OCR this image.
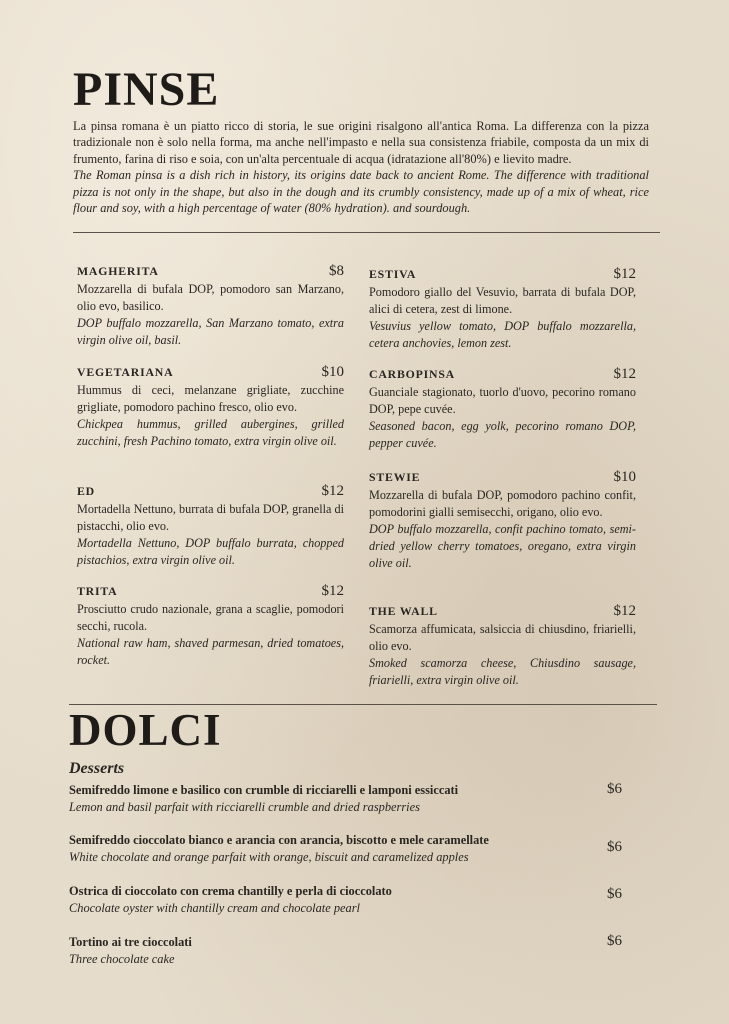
PINSE

La pinsa romana è un piatto ricco di storia, le sue origini risalgono all'antica Roma. La differenza con la pizza tradizionale non è solo nella forma, ma anche nell'impasto e nella sua consistenza friabile, composta da un mix di frumento, farina di riso e soia, con un'alta percentuale di acqua (idratazione all'80%) e lievito madre.

The Roman pinsa is a dish rich in history, its origins date back to ancient Rome. The difference with traditional pizza is not only in the shape, but also in the dough and its crumbly consistency, made up of a mix of wheat, rice flour and soy, with a high percentage of water (80% hydration). and sourdough.

MAGHERITA	$8
Mozzarella di bufala DOP, pomodoro san Marzano, olio evo, basilico.
DOP buffalo mozzarella, San Marzano tomato, extra virgin olive oil, basil.
VEGETARIANA	$10
Hummus di ceci, melanzane grigliate, zucchine grigliate, pomodoro pachino fresco, olio evo.
Chickpea hummus, grilled aubergines, grilled zucchini, fresh Pachino tomato, extra virgin olive oil.
ED	$12
Mortadella Nettuno, burrata di bufala DOP, granella di pistacchi, olio evo.
Mortadella Nettuno, DOP buffalo burrata, chopped pistachios, extra virgin olive oil.
TRITA	$12
Prosciutto crudo nazionale, grana a scaglie, pomodori secchi, rucola.
National raw ham, shaved parmesan, dried tomatoes, rocket.
ESTIVA	$12
Pomodoro giallo del Vesuvio, barrata di bufala DOP, alici di cetera, zest di limone.
Vesuvius yellow tomato, DOP buffalo mozzarella, cetera anchovies, lemon zest.
CARBOPINSA	$12
Guanciale stagionato, tuorlo d'uovo, pecorino romano DOP, pepe cuvée.
Seasoned bacon, egg yolk, pecorino romano DOP, pepper cuvée.
STEWIE	$10
Mozzarella di bufala DOP, pomodoro pachino confit, pomodorini gialli semisecchi, origano, olio evo.
DOP buffalo mozzarella, confit pachino tomato, semi-dried yellow cherry tomatoes, oregano, extra virgin olive oil.
THE WALL	$12
Scamorza affumicata, salsiccia di chiusdino, friarielli, olio evo.
Smoked scamorza cheese, Chiusdino sausage, friarielli, extra virgin olive oil.
DOLCI
Desserts
Semifreddo limone e basilico con crumble di ricciarelli e lamponi essiccati
Lemon and basil parfait with ricciarelli crumble and dried raspberries
$6
Semifreddo cioccolato bianco e arancia con arancia, biscotto e mele caramellate
White chocolate and orange parfait with orange, biscuit and caramelized apples
$6
Ostrica di cioccolato con crema chantilly e perla di cioccolato
Chocolate oyster with chantilly cream and chocolate pearl
$6
Tortino ai tre cioccolati
Three chocolate cake
$6
